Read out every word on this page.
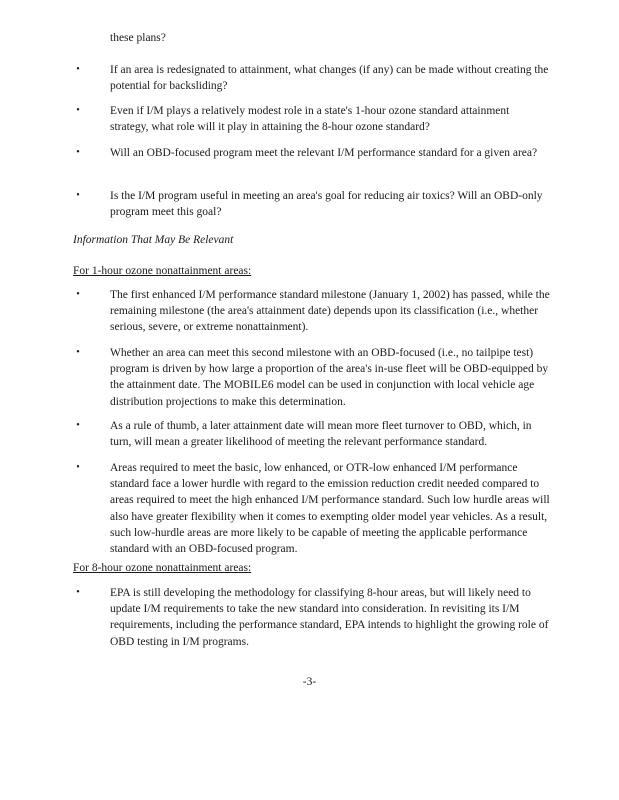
these plans?
•	If an area is redesignated to attainment, what changes (if any) can be made without creating the potential for backsliding?
•	Even if I/M plays a relatively modest role in a state's 1-hour ozone standard attainment strategy, what role will it play in attaining the 8-hour ozone standard?
•	Will an OBD-focused program meet the relevant I/M performance standard for a given area?
•	Is the I/M program useful in meeting an area's goal for reducing air toxics? Will an OBD-only program meet this goal?
Information That May Be Relevant
For 1-hour ozone nonattainment areas:
•	The first enhanced I/M performance standard milestone (January 1, 2002) has passed, while the remaining milestone (the area's attainment date) depends upon its classification (i.e., whether serious, severe, or extreme nonattainment).
•	Whether an area can meet this second milestone with an OBD-focused (i.e., no tailpipe test) program is driven by how large a proportion of the area's in-use fleet will be OBD-equipped by the attainment date. The MOBILE6 model can be used in conjunction with local vehicle age distribution projections to make this determination.
•	As a rule of thumb, a later attainment date will mean more fleet turnover to OBD, which, in turn, will mean a greater likelihood of meeting the relevant performance standard.
•	Areas required to meet the basic, low enhanced, or OTR-low enhanced I/M performance standard face a lower hurdle with regard to the emission reduction credit needed compared to areas required to meet the high enhanced I/M performance standard. Such low hurdle areas will also have greater flexibility when it comes to exempting older model year vehicles. As a result, such low-hurdle areas are more likely to be capable of meeting the applicable performance standard with an OBD-focused program.
For 8-hour ozone nonattainment areas:
•	EPA is still developing the methodology for classifying 8-hour areas, but will likely need to update I/M requirements to take the new standard into consideration. In revisiting its I/M requirements, including the performance standard, EPA intends to highlight the growing role of OBD testing in I/M programs.
-3-
